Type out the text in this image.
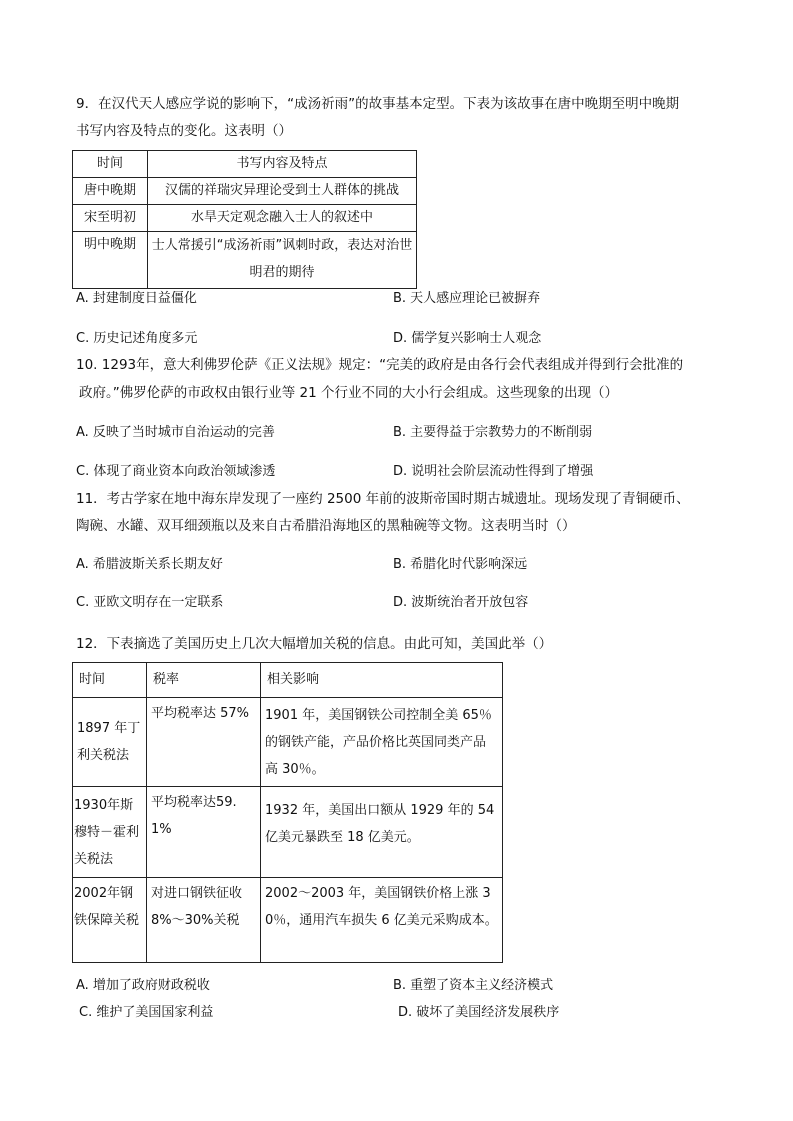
9．在汉代天人感应学说的影响下，“成汤祈雨”的故事基本定型。下表为该故事在唐中晚期至明中晚期
书写内容及特点的变化。这表明（）
时间	书写内容及特点
唐中晚期	汉儒的祥瑞灾异理论受到士人群体的挑战
宋至明初	水旱天定观念融入士人的叙述中
明中晚期	士人常援引“成汤祈雨”讽刺时政，表达对治世明君的期待
A. 封建制度日益僵化	B. 天人感应理论已被摒弃
C. 历史记述角度多元	D. 儒学复兴影响士人观念
10. 1293年，意大利佛罗伦萨《正义法规》规定：“完美的政府是由各行会代表组成并得到行会批准的
政府。”佛罗伦萨的市政权由银行业等 21 个行业不同的大小行会组成。这些现象的出现（）
A. 反映了当时城市自治运动的完善	B. 主要得益于宗教势力的不断削弱
C. 体现了商业资本向政治领域渗透	D. 说明社会阶层流动性得到了增强
11．考古学家在地中海东岸发现了一座约 2500 年前的波斯帝国时期古城遗址。现场发现了青铜硬币、
陶碗、水罐、双耳细颈瓶以及来自古希腊沿海地区的黑釉碗等文物。这表明当时（）
A. 希腊波斯关系长期友好	B. 希腊化时代影响深远
C. 亚欧文明存在一定联系	D. 波斯统治者开放包容
12．下表摘选了美国历史上几次大幅增加关税的信息。由此可知，美国此举（）
时间	税率	相关影响

1897 年丁利关税法	平均税率达 57%	1901 年，美国钢铁公司控制全美 65％的钢铁产能，产品价格比英国同类产品高 30％。

1930年斯穆特－霍利关税法	平均税率达59.1%	1932 年，美国出口额从 1929 年的 54 亿美元暴跌至 18 亿美元。

2002年钢铁保障关税	对进口钢铁征收 8%～30%关税	2002～2003 年，美国钢铁价格上涨 30％，通用汽车损失 6 亿美元采购成本。
A. 增加了政府财政税收	B. 重塑了资本主义经济模式
C. 维护了美国国家利益	D. 破坏了美国经济发展秩序
